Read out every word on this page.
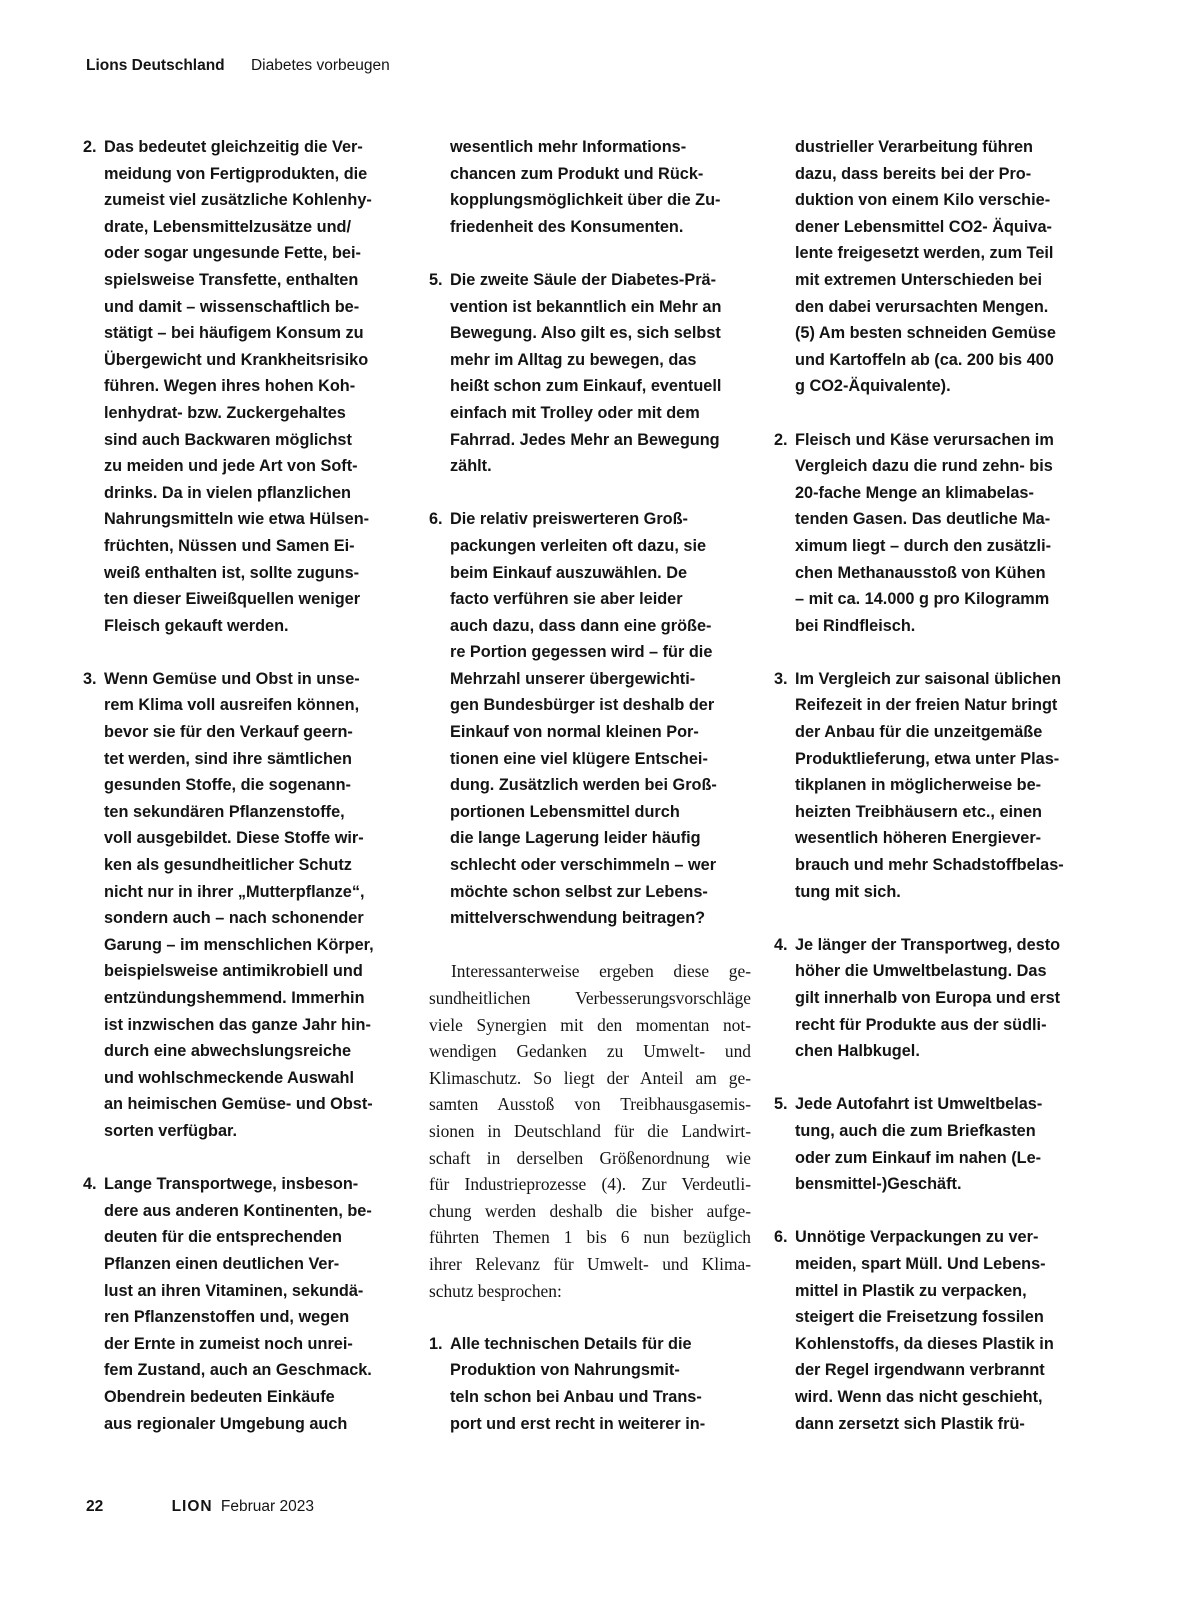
Lions Deutschland Diabetes vorbeugen
2. Das bedeutet gleichzeitig die Ver-
meidung von Fertigprodukten, die
zumeist viel zusätzliche Kohlenhy-
drate, Lebensmittelzusätze und/
oder sogar ungesunde Fette, bei-
spielsweise Transfette, enthalten
und damit – wissenschaftlich be-
stätigt – bei häufigem Konsum zu
Übergewicht und Krankheitsrisiko
führen. Wegen ihres hohen Koh-
lenhydrat- bzw. Zuckergehaltes
sind auch Backwaren möglichst
zu meiden und jede Art von Soft-
drinks. Da in vielen pflanzlichen
Nahrungsmitteln wie etwa Hülsen-
früchten, Nüssen und Samen Ei-
weiß enthalten ist, sollte zuguns-
ten dieser Eiweißquellen weniger
Fleisch gekauft werden.
3. Wenn Gemüse und Obst in unse-
rem Klima voll ausreifen können,
bevor sie für den Verkauf geern-
tet werden, sind ihre sämtlichen
gesunden Stoffe, die sogenann-
ten sekundären Pflanzenstoffe,
voll ausgebildet. Diese Stoffe wir-
ken als gesundheitlicher Schutz
nicht nur in ihrer „Mutterpflanze“,
sondern auch – nach schonender
Garung – im menschlichen Körper,
beispielsweise antimikrobiell und
entzündungshemmend. Immerhin
ist inzwischen das ganze Jahr hin-
durch eine abwechslungsreiche
und wohlschmeckende Auswahl
an heimischen Gemüse- und Obst-
sorten verfügbar.
4. Lange Transportwege, insbeson-
dere aus anderen Kontinenten, be-
deuten für die entsprechenden
Pflanzen einen deutlichen Ver-
lust an ihren Vitaminen, sekundä-
ren Pflanzenstoffen und, wegen
der Ernte in zumeist noch unrei-
fem Zustand, auch an Geschmack.
Obendrein bedeuten Einkäufe
aus regionaler Umgebung auch
wesentlich mehr Informations-
chancen zum Produkt und Rück-
kopplungsmöglichkeit über die Zu-
friedenheit des Konsumenten.
5. Die zweite Säule der Diabetes-Prä-
vention ist bekanntlich ein Mehr an
Bewegung. Also gilt es, sich selbst
mehr im Alltag zu bewegen, das
heißt schon zum Einkauf, eventuell
einfach mit Trolley oder mit dem
Fahrrad. Jedes Mehr an Bewegung
zählt.
6. Die relativ preiswerteren Groß-
packungen verleiten oft dazu, sie
beim Einkauf auszuwählen. De
facto verführen sie aber leider
auch dazu, dass dann eine größe-
re Portion gegessen wird – für die
Mehrzahl unserer übergewichti-
gen Bundesbürger ist deshalb der
Einkauf von normal kleinen Por-
tionen eine viel klügere Entschei-
dung. Zusätzlich werden bei Groß-
portionen Lebensmittel durch
die lange Lagerung leider häufig
schlecht oder verschimmeln – wer
möchte schon selbst zur Lebens-
mittelverschwendung beitragen?

Interessanterweise ergeben diese ge-
sundheitlichen Verbesserungsvorschläge
viele Synergien mit den momentan not-
wendigen Gedanken zu Umwelt- und
Klimaschutz. So liegt der Anteil am ge-
samten Ausstoß von Treibhausgasemis-
sionen in Deutschland für die Landwirt-
schaft in derselben Größenordnung wie
für Industrieprozesse (4). Zur Verdeutli-
chung werden deshalb die bisher aufge-
führten Themen 1 bis 6 nun bezüglich
ihrer Relevanz für Umwelt- und Klima-
schutz besprochen:

1. Alle technischen Details für die
Produktion von Nahrungsmit-
teln schon bei Anbau und Trans-
port und erst recht in weiterer in-
dustrieller Verarbeitung führen
dazu, dass bereits bei der Pro-
duktion von einem Kilo verschie-
dener Lebensmittel CO2- Äquiva-
lente freigesetzt werden, zum Teil
mit extremen Unterschieden bei
den dabei verursachten Mengen.
(5) Am besten schneiden Gemüse
und Kartoffeln ab (ca. 200 bis 400
g CO2-Äquivalente).
2. Fleisch und Käse verursachen im
Vergleich dazu die rund zehn- bis
20-fache Menge an klimabelas-
tenden Gasen. Das deutliche Ma-
ximum liegt – durch den zusätzli-
chen Methanausstoß von Kühen
– mit ca. 14.000 g pro Kilogramm
bei Rindfleisch.
3. Im Vergleich zur saisonal üblichen
Reifezeit in der freien Natur bringt
der Anbau für die unzeitgemäße
Produktlieferung, etwa unter Plas-
tikplanen in möglicherweise be-
heizten Treibhäusern etc., einen
wesentlich höheren Energiever-
brauch und mehr Schadstoffbelas-
tung mit sich.
4. Je länger der Transportweg, desto
höher die Umweltbelastung. Das
gilt innerhalb von Europa und erst
recht für Produkte aus der südli-
chen Halbkugel.
5. Jede Autofahrt ist Umweltbelas-
tung, auch die zum Briefkasten
oder zum Einkauf im nahen (Le-
bensmittel-)Geschäft.
6. Unnötige Verpackungen zu ver-
meiden, spart Müll. Und Lebens-
mittel in Plastik zu verpacken,
steigert die Freisetzung fossilen
Kohlenstoffs, da dieses Plastik in
der Regel irgendwann verbrannt
wird. Wenn das nicht geschieht,
dann zersetzt sich Plastik frü-
22	LION Februar 2023
